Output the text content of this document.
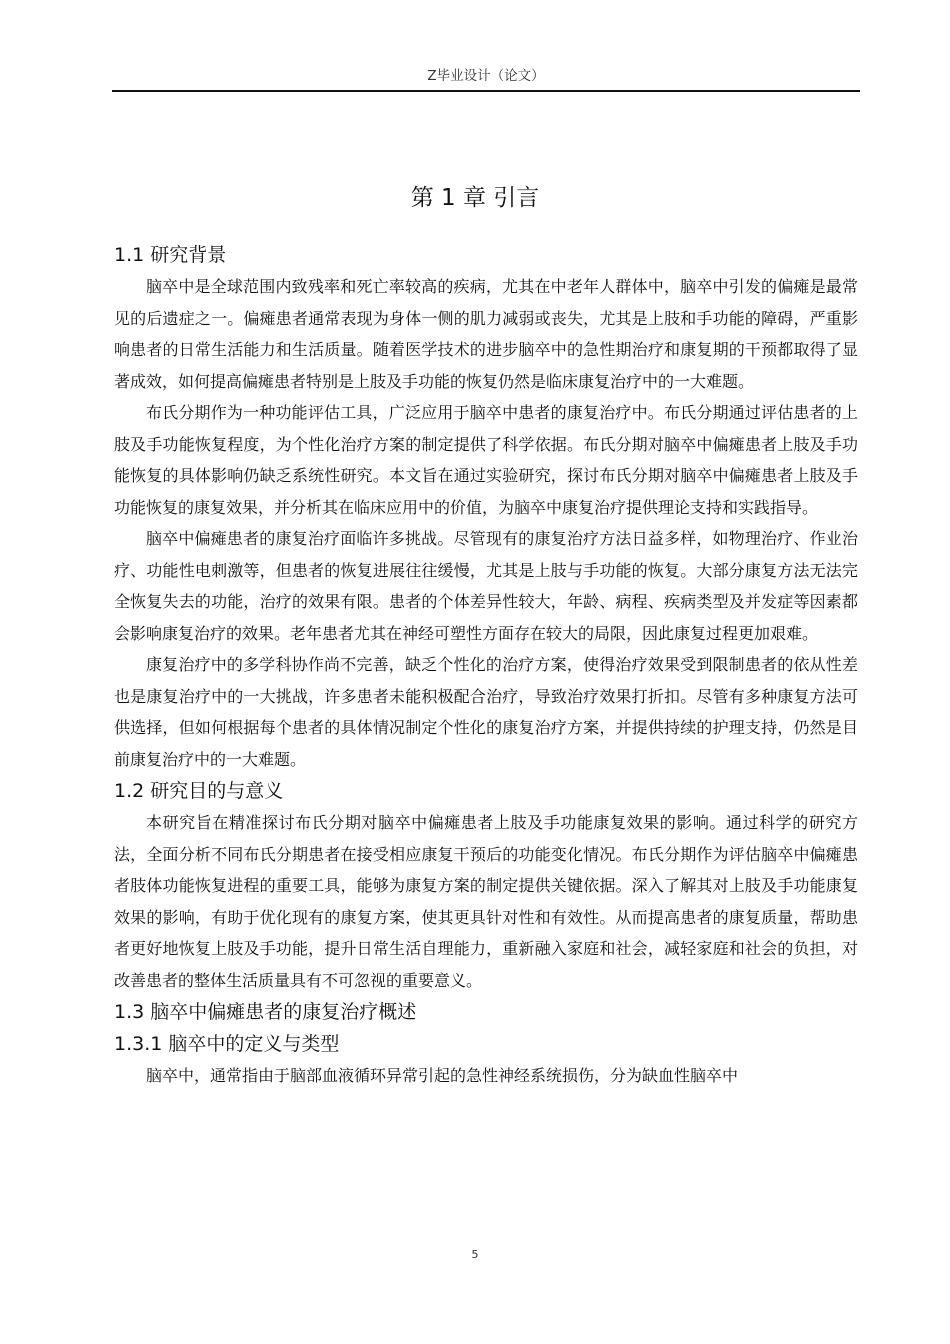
Z毕业设计（论文）
第 1 章 引言
1.1 研究背景

脑卒中是全球范围内致残率和死亡率较高的疾病，尤其在中老年人群体中，脑卒中引发的偏瘫是最常见的后遗症之一。偏瘫患者通常表现为身体一侧的肌力减弱或丧失，尤其是上肢和手功能的障碍，严重影响患者的日常生活能力和生活质量。随着医学技术的进步脑卒中的急性期治疗和康复期的干预都取得了显著成效，如何提高偏瘫患者特别是上肢及手功能的恢复仍然是临床康复治疗中的一大难题。

布氏分期作为一种功能评估工具，广泛应用于脑卒中患者的康复治疗中。布氏分期通过评估患者的上肢及手功能恢复程度，为个性化治疗方案的制定提供了科学依据。布氏分期对脑卒中偏瘫患者上肢及手功能恢复的具体影响仍缺乏系统性研究。本文旨在通过实验研究，探讨布氏分期对脑卒中偏瘫患者上肢及手功能恢复的康复效果，并分析其在临床应用中的价值，为脑卒中康复治疗提供理论支持和实践指导。

脑卒中偏瘫患者的康复治疗面临许多挑战。尽管现有的康复治疗方法日益多样，如物理治疗、作业治疗、功能性电刺激等，但患者的恢复进展往往缓慢，尤其是上肢与手功能的恢复。大部分康复方法无法完全恢复失去的功能，治疗的效果有限。患者的个体差异性较大，年龄、病程、疾病类型及并发症等因素都会影响康复治疗的效果。老年患者尤其在神经可塑性方面存在较大的局限，因此康复过程更加艰难。

康复治疗中的多学科协作尚不完善，缺乏个性化的治疗方案，使得治疗效果受到限制患者的依从性差也是康复治疗中的一大挑战，许多患者未能积极配合治疗，导致治疗效果打折扣。尽管有多种康复方法可供选择，但如何根据每个患者的具体情况制定个性化的康复治疗方案，并提供持续的护理支持，仍然是目前康复治疗中的一大难题。

1.2 研究目的与意义

本研究旨在精准探讨布氏分期对脑卒中偏瘫患者上肢及手功能康复效果的影响。通过科学的研究方法，全面分析不同布氏分期患者在接受相应康复干预后的功能变化情况。布氏分期作为评估脑卒中偏瘫患者肢体功能恢复进程的重要工具，能够为康复方案的制定提供关键依据。深入了解其对上肢及手功能康复效果的影响，有助于优化现有的康复方案，使其更具针对性和有效性。从而提高患者的康复质量，帮助患者更好地恢复上肢及手功能，提升日常生活自理能力，重新融入家庭和社会，减轻家庭和社会的负担，对改善患者的整体生活质量具有不可忽视的重要意义。

1.3 脑卒中偏瘫患者的康复治疗概述
1.3.1 脑卒中的定义与类型

脑卒中，通常指由于脑部血液循环异常引起的急性神经系统损伤，分为缺血性脑卒中

5
